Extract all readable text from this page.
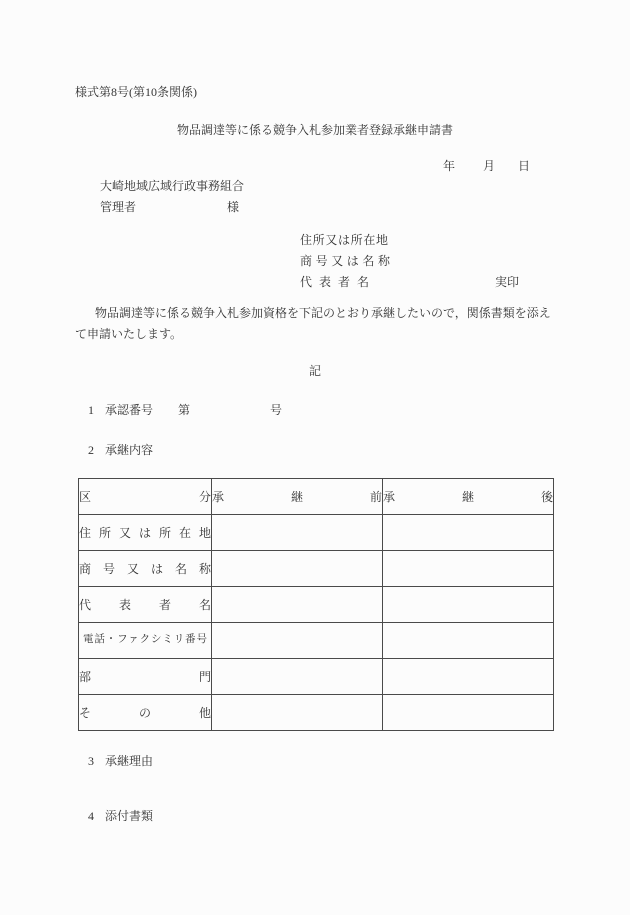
様式第8号(第10条関係)
物品調達等に係る競争入札参加業者登録承継申請書
年 月 日
大崎地域広域行政事務組合
管理者	様
住所又は所在地
商号又は名称
代表者名	実印
物品調達等に係る競争入札参加資格を下記のとおり承継したいので，関係書類を添え
て申請いたします。
記
1 承認番号 第	号
2 承継内容
区分	承継前	承継後
住所又は所在地		
商号又は名称		
代表者名		
電話・ファクシミリ番号		
部門		
その他		
3 承継理由
4 添付書類
